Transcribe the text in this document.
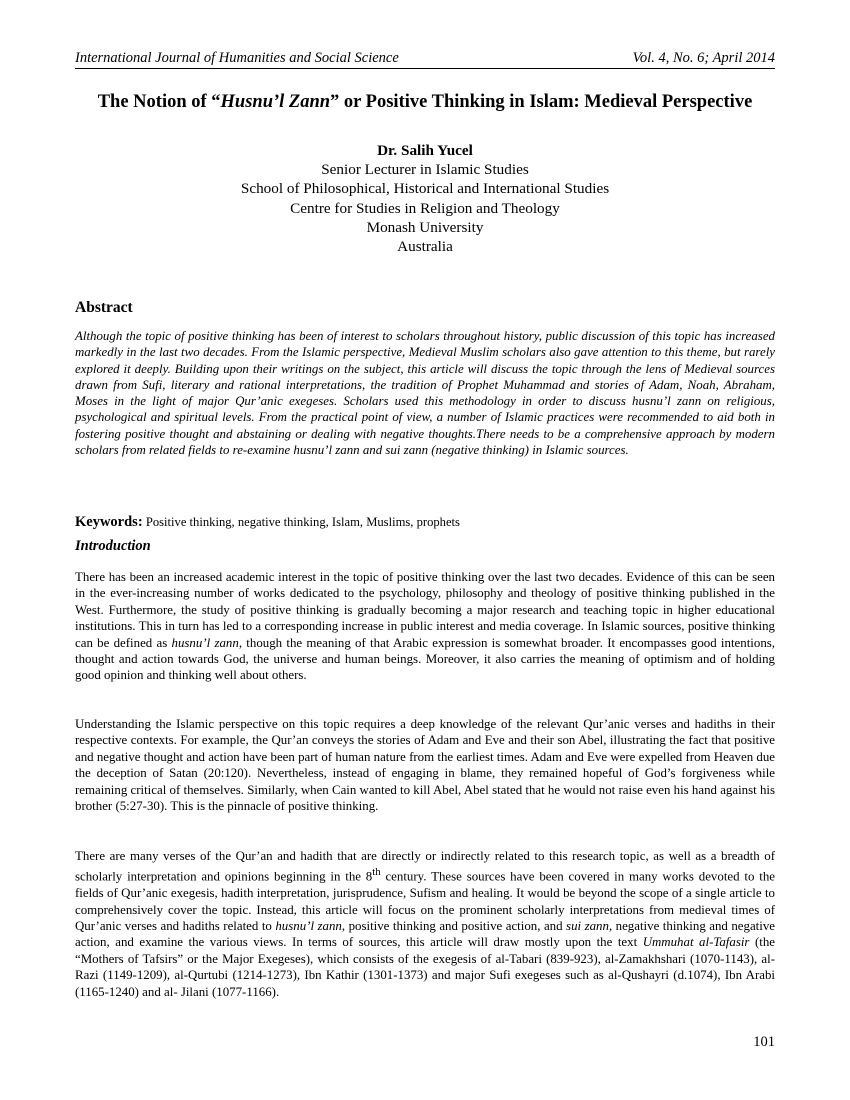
International Journal of Humanities and Social Science	Vol. 4, No. 6; April 2014
The Notion of “Husnu’l Zann” or Positive Thinking in Islam: Medieval Perspective
Dr. Salih Yucel
Senior Lecturer in Islamic Studies
School of Philosophical, Historical and International Studies
Centre for Studies in Religion and Theology
Monash University
Australia
Abstract
Although the topic of positive thinking has been of interest to scholars throughout history, public discussion of this topic has increased markedly in the last two decades. From the Islamic perspective, Medieval Muslim scholars also gave attention to this theme, but rarely explored it deeply. Building upon their writings on the subject, this article will discuss the topic through the lens of Medieval sources drawn from Sufi, literary and rational interpretations, the tradition of Prophet Muhammad and stories of Adam, Noah, Abraham, Moses in the light of major Qur’anic exegeses. Scholars used this methodology in order to discuss husnu’l zann on religious, psychological and spiritual levels. From the practical point of view, a number of Islamic practices were recommended to aid both in fostering positive thought and abstaining or dealing with negative thoughts.There needs to be a comprehensive approach by modern scholars from related fields to re-examine husnu’l zann and sui zann (negative thinking) in Islamic sources.
Keywords: Positive thinking, negative thinking, Islam, Muslims, prophets
Introduction

There has been an increased academic interest in the topic of positive thinking over the last two decades. Evidence of this can be seen in the ever-increasing number of works dedicated to the psychology, philosophy and theology of positive thinking published in the West. Furthermore, the study of positive thinking is gradually becoming a major research and teaching topic in higher educational institutions. This in turn has led to a corresponding increase in public interest and media coverage. In Islamic sources, positive thinking can be defined as husnu’l zann, though the meaning of that Arabic expression is somewhat broader. It encompasses good intentions, thought and action towards God, the universe and human beings. Moreover, it also carries the meaning of optimism and of holding good opinion and thinking well about others.

Understanding the Islamic perspective on this topic requires a deep knowledge of the relevant Qur’anic verses and hadiths in their respective contexts. For example, the Qur’an conveys the stories of Adam and Eve and their son Abel, illustrating the fact that positive and negative thought and action have been part of human nature from the earliest times. Adam and Eve were expelled from Heaven due the deception of Satan (20:120). Nevertheless, instead of engaging in blame, they remained hopeful of God’s forgiveness while remaining critical of themselves. Similarly, when Cain wanted to kill Abel, Abel stated that he would not raise even his hand against his brother (5:27-30). This is the pinnacle of positive thinking.

There are many verses of the Qur’an and hadith that are directly or indirectly related to this research topic, as well as a breadth of scholarly interpretation and opinions beginning in the 8th century. These sources have been covered in many works devoted to the fields of Qur’anic exegesis, hadith interpretation, jurisprudence, Sufism and healing. It would be beyond the scope of a single article to comprehensively cover the topic. Instead, this article will focus on the prominent scholarly interpretations from medieval times of Qur’anic verses and hadiths related to husnu’l zann, positive thinking and positive action, and sui zann, negative thinking and negative action, and examine the various views. In terms of sources, this article will draw mostly upon the text Ummuhat al-Tafasir (the “Mothers of Tafsirs” or the Major Exegeses), which consists of the exegesis of al-Tabari (839-923), al-Zamakhshari (1070-1143), al-Razi (1149-1209), al-Qurtubi (1214-1273), Ibn Kathir (1301-1373) and major Sufi exegeses such as al-Qushayri (d.1074), Ibn Arabi (1165-1240) and al- Jilani (1077-1166).

101
